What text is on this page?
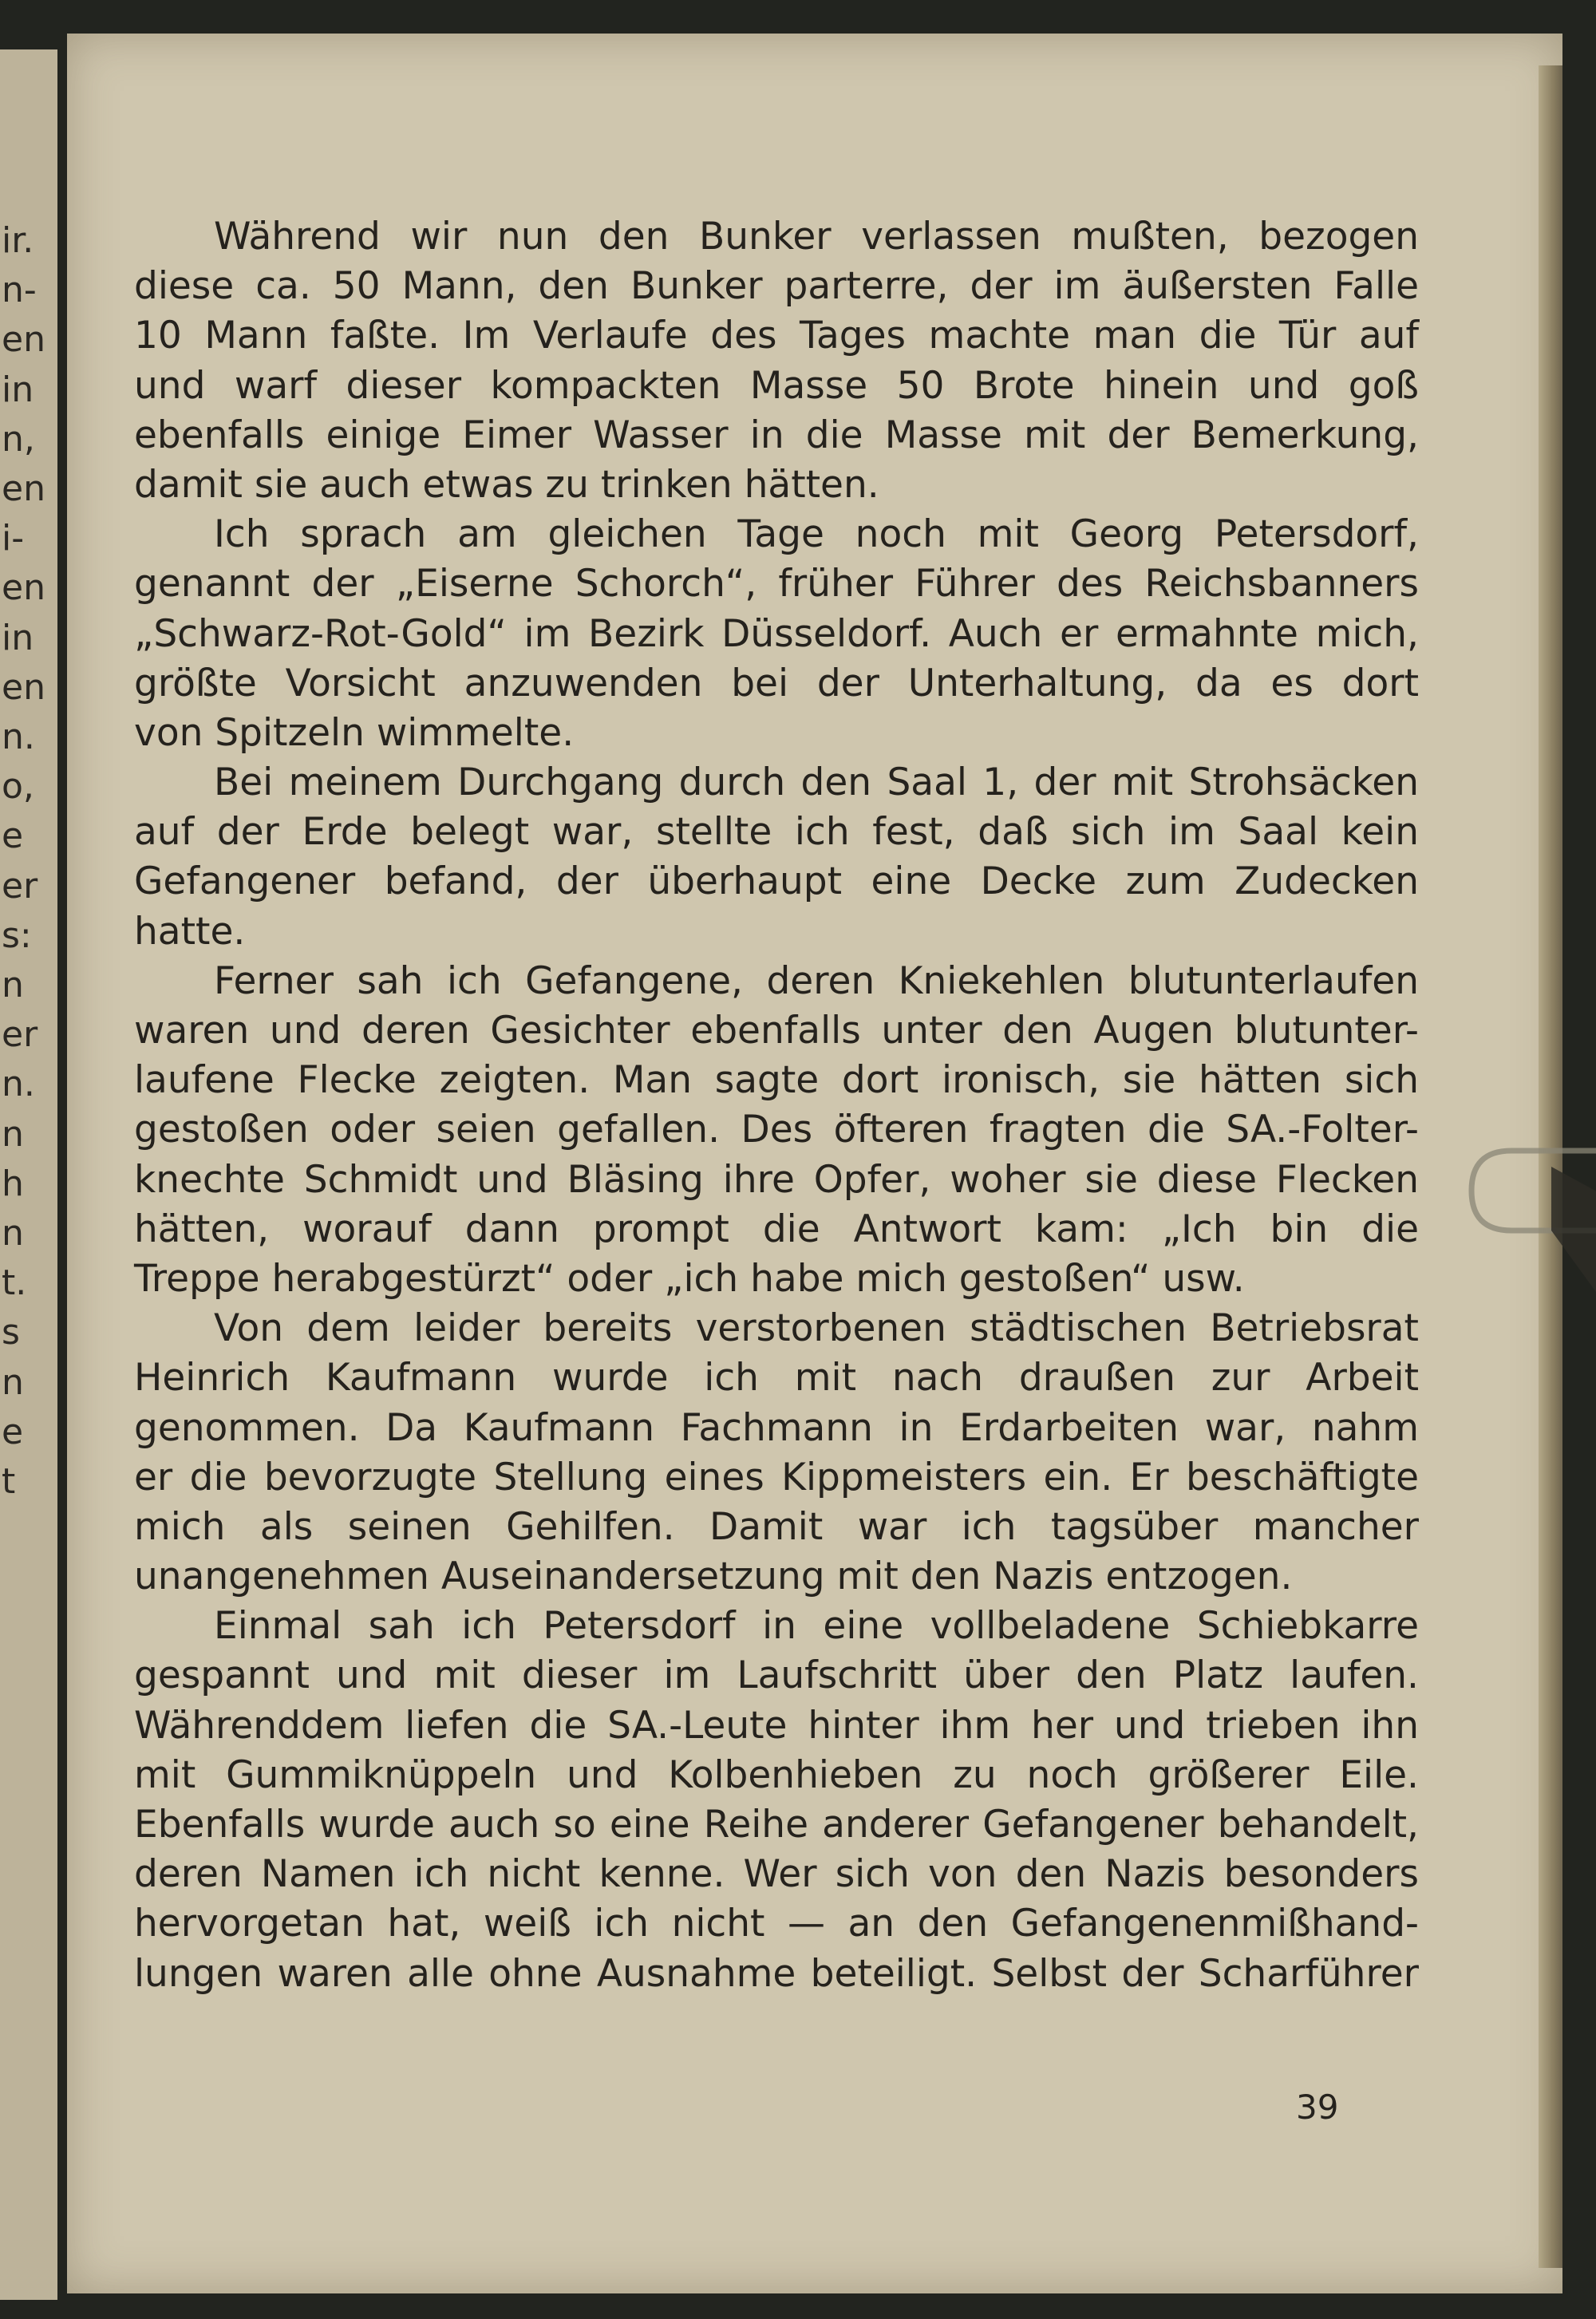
ir.
n-
en
in
n,
en
i-
en
in
en
n.
o,
e
er
s:
n
er
n.
n
h
n
t.
s
n
e
t
Während wir nun den Bunker verlassen mußten, bezogen
diese ca. 50 Mann, den Bunker parterre, der im äußersten Falle
10 Mann faßte. Im Verlaufe des Tages machte man die Tür auf
und warf dieser kompackten Masse 50 Brote hinein und goß
ebenfalls einige Eimer Wasser in die Masse mit der Bemerkung,
damit sie auch etwas zu trinken hätten.
Ich sprach am gleichen Tage noch mit Georg Petersdorf,
genannt der „Eiserne Schorch“, früher Führer des Reichsbanners
„Schwarz-Rot-Gold“ im Bezirk Düsseldorf. Auch er ermahnte mich,
größte Vorsicht anzuwenden bei der Unterhaltung, da es dort
von Spitzeln wimmelte.
Bei meinem Durchgang durch den Saal 1, der mit Strohsäcken
auf der Erde belegt war, stellte ich fest, daß sich im Saal kein
Gefangener befand, der überhaupt eine Decke zum Zudecken
hatte.
Ferner sah ich Gefangene, deren Kniekehlen blutunterlaufen
waren und deren Gesichter ebenfalls unter den Augen blutunter-
laufene Flecke zeigten. Man sagte dort ironisch, sie hätten sich
gestoßen oder seien gefallen. Des öfteren fragten die SA.-Folter-
knechte Schmidt und Bläsing ihre Opfer, woher sie diese Flecken
hätten, worauf dann prompt die Antwort kam: „Ich bin die
Treppe herabgestürzt“ oder „ich habe mich gestoßen“ usw.
Von dem leider bereits verstorbenen städtischen Betriebsrat
Heinrich Kaufmann wurde ich mit nach draußen zur Arbeit
genommen. Da Kaufmann Fachmann in Erdarbeiten war, nahm
er die bevorzugte Stellung eines Kippmeisters ein. Er beschäftigte
mich als seinen Gehilfen. Damit war ich tagsüber mancher
unangenehmen Auseinandersetzung mit den Nazis entzogen.
Einmal sah ich Petersdorf in eine vollbeladene Schiebkarre
gespannt und mit dieser im Laufschritt über den Platz laufen.
Währenddem liefen die SA.-Leute hinter ihm her und trieben ihn
mit Gummiknüppeln und Kolbenhieben zu noch größerer Eile.
Ebenfalls wurde auch so eine Reihe anderer Gefangener behandelt,
deren Namen ich nicht kenne. Wer sich von den Nazis besonders
hervorgetan hat, weiß ich nicht — an den Gefangenenmißhand-
lungen waren alle ohne Ausnahme beteiligt. Selbst der Scharführer
39
